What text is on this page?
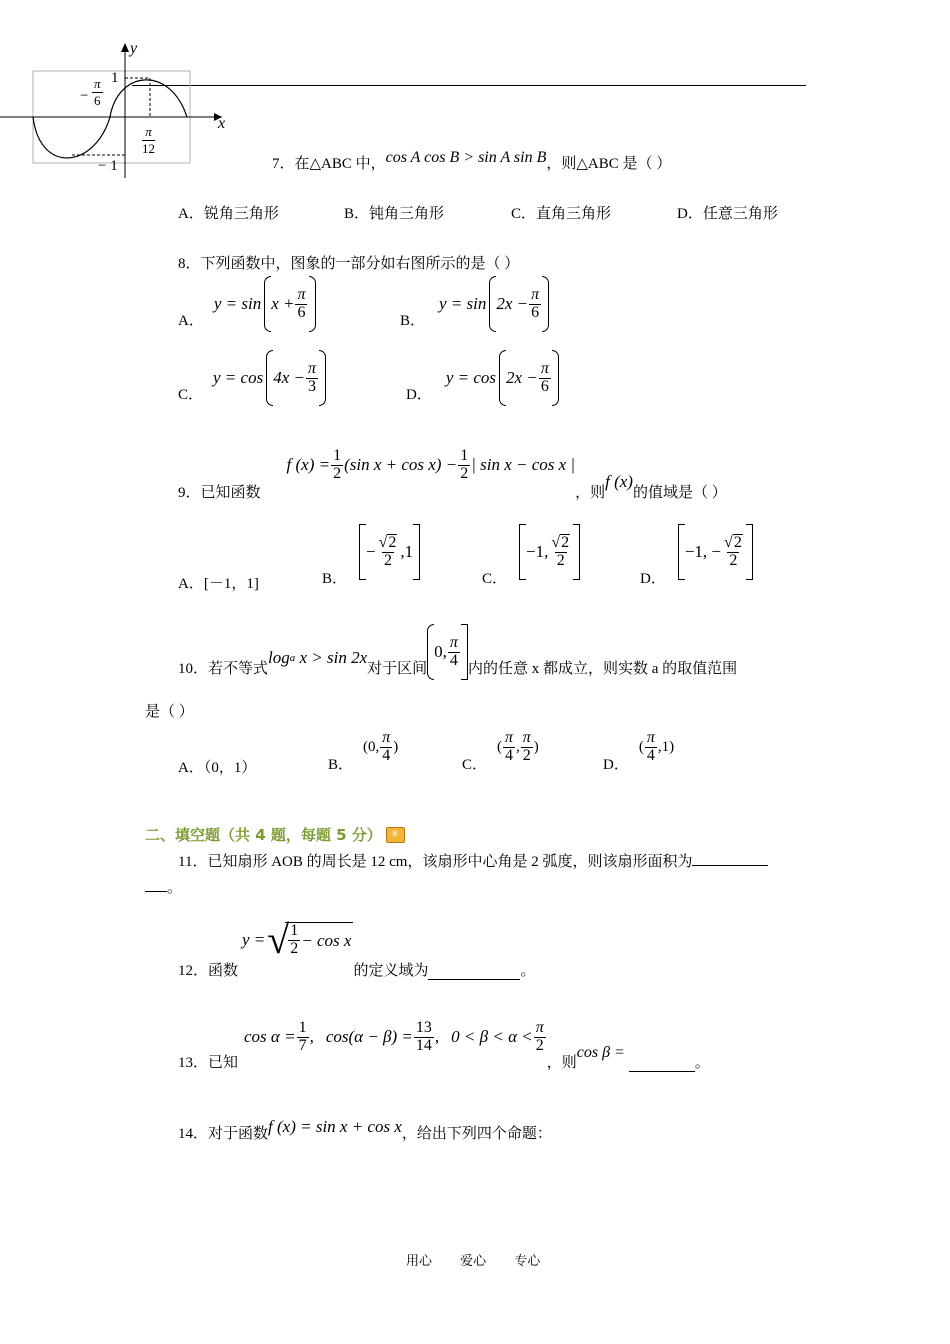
y
x
1
− 1
−
π
6
π
12
7．在△ABC 中，cos A cos B > sin A sin B，则△ABC 是（ ）
A．锐角三角形	B．钝角三角形	C．直角三角形	D．任意三角形
8．下列函数中，图象的一部分如右图所示的是（ ）
A．
$y = \sin x + \frac{\pi}{6}$	B．
$y = \sin 2x - \frac{\pi}{6}$
C．
$y = \cos 4x - \frac{\pi}{3}$	D．
$y = \cos 2x - \frac{\pi}{6}$
9．已知函数
f $(x) = \frac{1}{2} (\sin$ $x + \cos x) - \frac{1}{2}$ | sin x − cos x |
，则
f (x)
的值域是（ ）
A．[－1，1]	B．
− $\frac{√ 2}{2} ,1$
C．
−1, $\frac{√ 2}{2}$
D．
−1, − $\frac{√ 2}{2}$
10．若不等式
log a
x > sin 2x
对于区间
0, $\frac{\pi}{4}$ 内的任意 x 都成立，则实数 a 的取值范围
是（ ）
A．（0，1）	B．
(0, $\frac{\pi}{4}$ )
C．
( $\frac{\pi}{4}$ , $\frac{\pi}{2}$ )
D．
( $\frac{\pi}{4} ,1$)
二、填空题（共 4 题，每题 5 分） ✳
11．已知扇形 AOB 的周长是 12 cm，该扇形中心角是 2 弧度，则该扇形面积为
。
12．函数
y = √ $\frac{1}{2} - \cos x$
的定义域为	。
13．已知
$\cos \alpha = \frac{1}{7}$ , $\cos(\alpha - \beta) = \frac{13}{14}$ , $0 < \beta < \alpha < \frac{\pi}{2}$
，则
cos β =
。
14．对于函数 f (x) = sin x + cos x ，给出下列四个命题：
用心 爱心 专心
